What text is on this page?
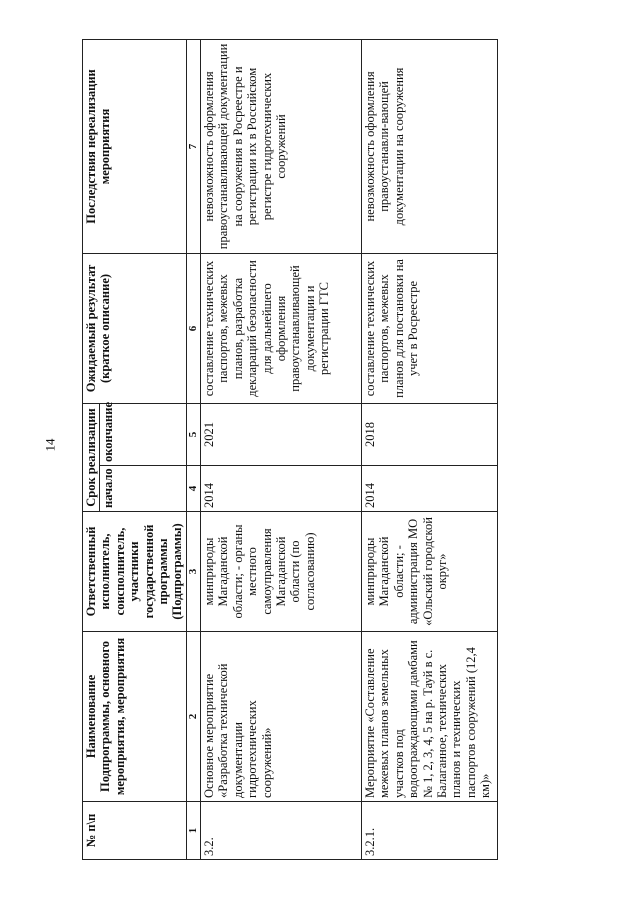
14
№ п\п	Наименование Подпрограммы, основного мероприятия, мероприятия	Ответственный исполнитель, соисполнитель, участники государственной программы (Подпрограммы)	Срок реализации		Ожидаемый результат (краткое описание)	Последствия нереализации мероприятия
			начало	окончание		
1	2	3	4	5	6	7
3.2.	Основное мероприятие «Разработка технической документации гидротехнических сооружений»	минприроды Магаданской области; - органы местного самоуправления Магаданской области (по согласованию)	2014	2021	составление технических паспортов, межевых планов, разработка деклараций безопасности для дальнейшего оформления правоустанавливающей документации и регистрации ГТС	невозможность оформления правоустанавливающей документации на сооружения в Росреестре и регистрации их в Российском регистре гидротехнических сооружений
3.2.1.	Мероприятие «Составление межевых планов земельных участков под водоограждающими дамбами № 1, 2, 3, 4, 5 на р. Тауй в с. Балаганное, технических планов и технических паспортов сооружений (12,4 км)»	минприроды Магаданской области; - администрация МО «Ольский городской округ»	2014	2018	составление технических паспортов, межевых планов для постановки на учет в Росреестре	невозможность оформления правоустанавли-вающей документации на сооружения
